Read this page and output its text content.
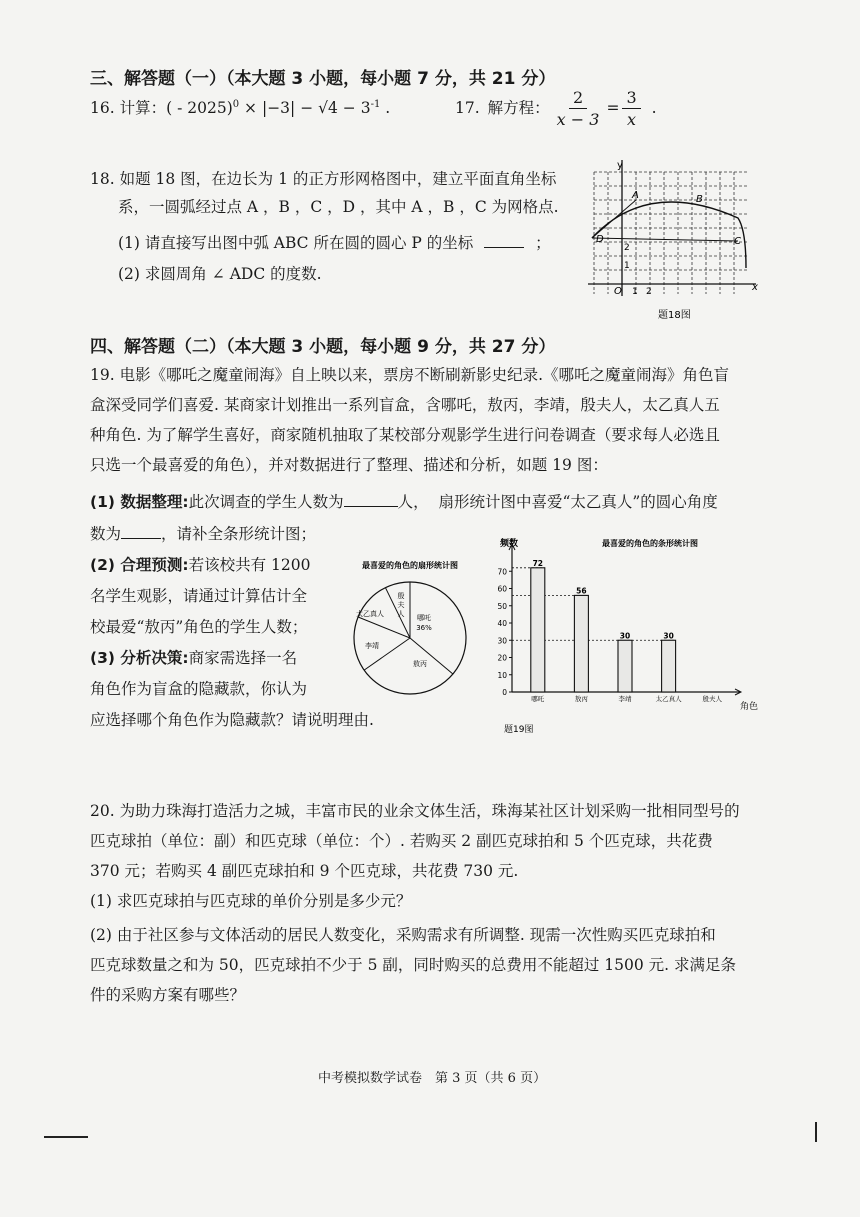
三、解答题（一）（本大题 3 小题，每小题 7 分，共 21 分）
16. 计算：( - $2025)^0 \times |-3| - √4 - 3^{-1}$ .	17. 解方程： $\frac{2}{x - 3} = \frac{3}{x}$ .
18. 如题 18 图，在边长为 1 的正方形网格图中，建立平面直角坐标
系，一圆弧经过点 A ，B ，C ，D ，其中 A ，B ，C 为网格点.
(1) 请直接写出图中弧 ABC 所在圆的圆心 P 的坐标	；
(2) 求圆周角 ∠ ADC 的度数.
y
x
O 1 2
1
2
A	B
C
D
题18图
四、解答题（二）（本大题 3 小题，每小题 9 分，共 27 分）
19. 电影《哪吒之魔童闹海》自上映以来，票房不断刷新影史纪录.《哪吒之魔童闹海》角色盲
盒深受同学们喜爱. 某商家计划推出一系列盲盒，含哪吒，敖丙，李靖，殷夫人，太乙真人五
种角色. 为了解学生喜好，商家随机抽取了某校部分观影学生进行问卷调查（要求每人必选且
只选一个最喜爱的角色），并对数据进行了整理、描述和分析，如题 19 图：
(1) 数据整理:此次调查的学生人数为	人， 扇形统计图中喜爱“太乙真人”的圆心角度
数为	，请补全条形统计图；
(2) 合理预测:若该校共有 1200
名学生观影，请通过计算估计全
校最爱“敖丙”角色的学生人数；
(3) 分析决策:商家需选择一名
角色作为盲盒的隐藏款，你认为
应选择哪个角色作为隐藏款？请说明理由.
最喜爱的角色的扇形统计图
哪吒
敖丙
李靖
太乙真人
殷
夫
人
36%
最喜爱的角色的条形统计图
频数
角色
0
10
20
30
40
50
60
70
72
哪吒
56
敖丙
30
李靖
30
太乙真人	殷夫人
题19图
20. 为助力珠海打造活力之城，丰富市民的业余文体生活，珠海某社区计划采购一批相同型号的
匹克球拍（单位：副）和匹克球（单位：个）. 若购买 2 副匹克球拍和 5 个匹克球，共花费
370 元；若购买 4 副匹克球拍和 9 个匹克球，共花费 730 元.
(1) 求匹克球拍与匹克球的单价分别是多少元？
(2) 由于社区参与文体活动的居民人数变化，采购需求有所调整. 现需一次性购买匹克球拍和
匹克球数量之和为 50，匹克球拍不少于 5 副，同时购买的总费用不能超过 1500 元. 求满足条
件的采购方案有哪些？
中考模拟数学试卷　第 3 页（共 6 页）
